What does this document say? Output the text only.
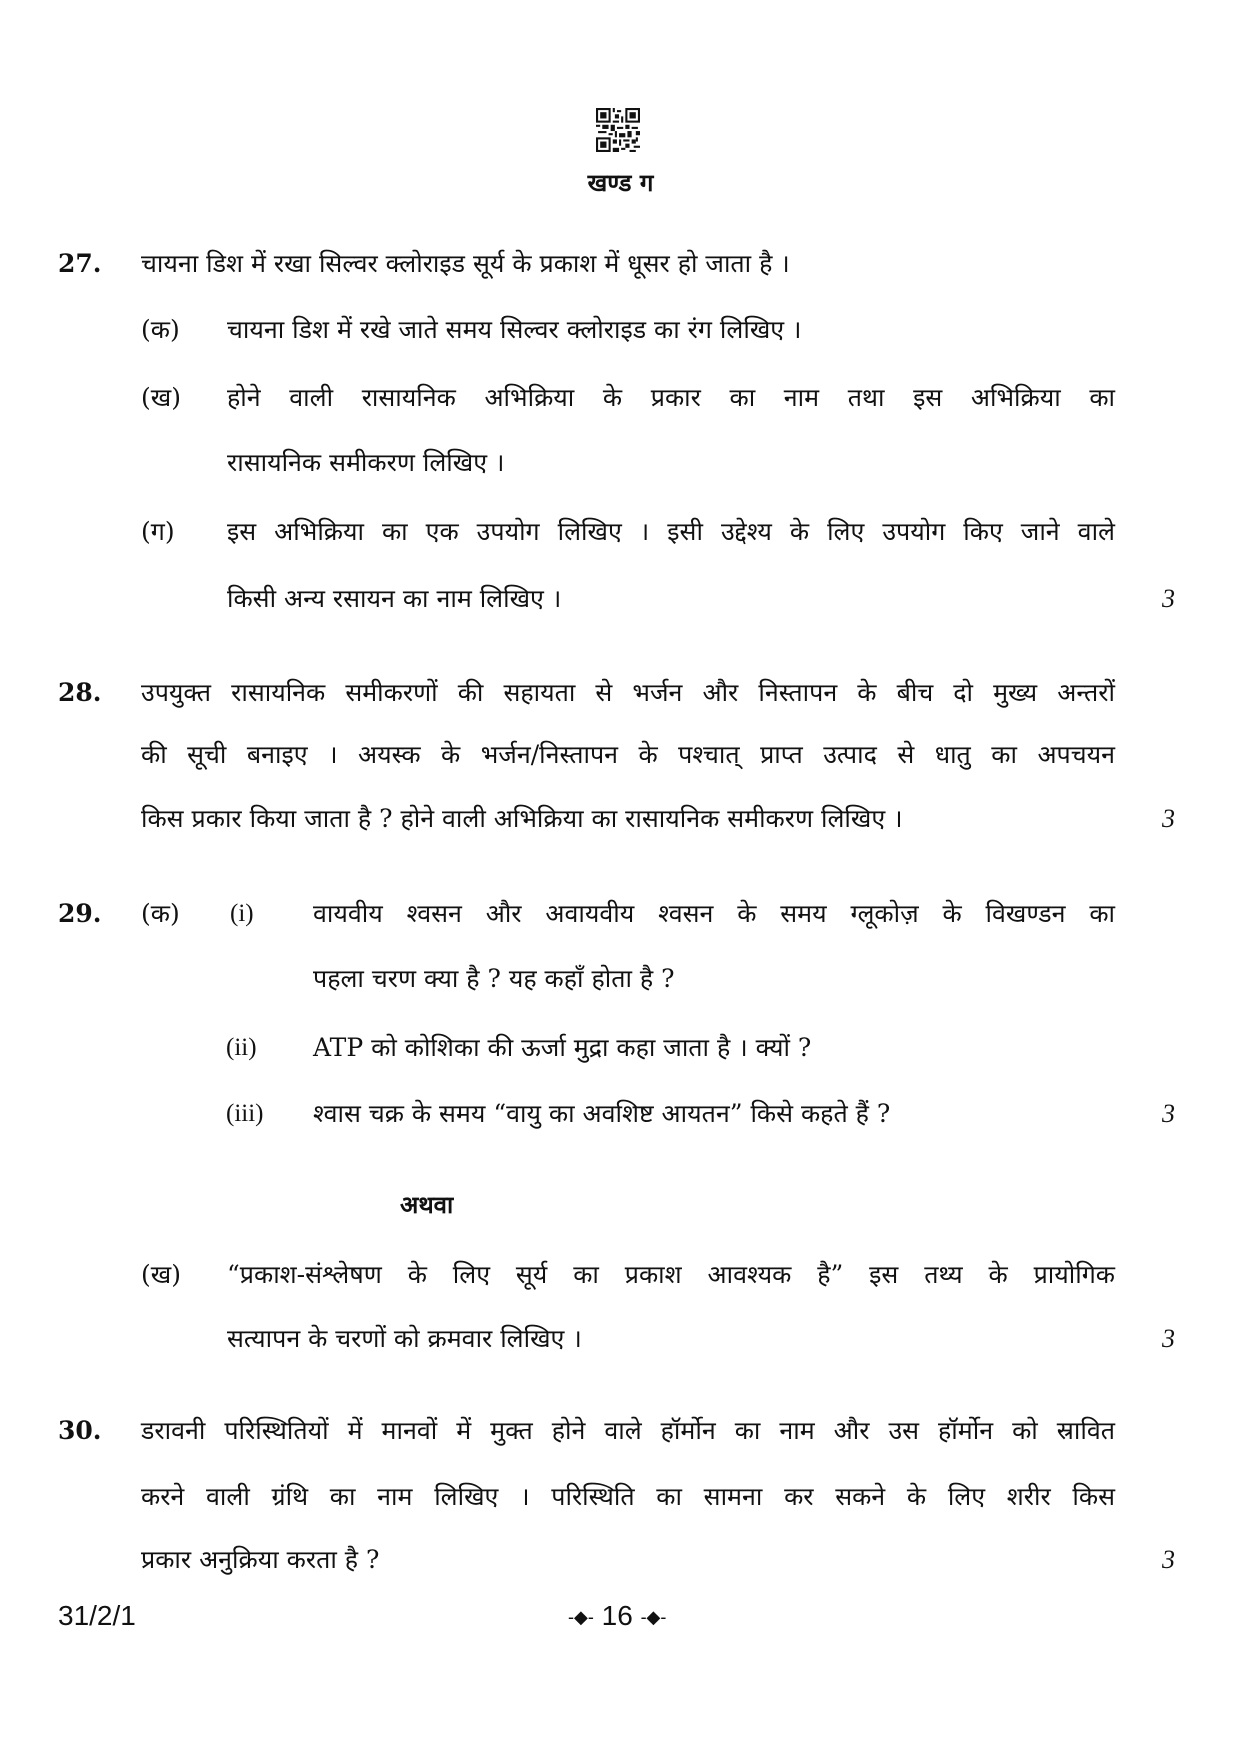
खण्ड ग
27. चायना डिश में रखा सिल्वर क्लोराइड सूर्य के प्रकाश में धूसर हो जाता है ।
(क) चायना डिश में रखे जाते समय सिल्वर क्लोराइड का रंग लिखिए ।
(ख) होने वाली रासायनिक अभिक्रिया के प्रकार का नाम तथा इस अभिक्रिया का
रासायनिक समीकरण लिखिए ।
(ग) इस अभिक्रिया का एक उपयोग लिखिए । इसी उद्देश्य के लिए उपयोग किए जाने वाले
किसी अन्य रसायन का नाम लिखिए ।	3
28. उपयुक्त रासायनिक समीकरणों की सहायता से भर्जन और निस्तापन के बीच दो मुख्य अन्तरों
की सूची बनाइए । अयस्क के भर्जन/निस्तापन के पश्चात् प्राप्त उत्पाद से धातु का अपचयन
किस प्रकार किया जाता है ? होने वाली अभिक्रिया का रासायनिक समीकरण लिखिए ।	3
29. (क) (i) वायवीय श्वसन और अवायवीय श्वसन के समय ग्लूकोज़ के विखण्डन का
पहला चरण क्या है ? यह कहाँ होता है ?
(ii) ATP को कोशिका की ऊर्जा मुद्रा कहा जाता है । क्यों ?
(iii) श्वास चक्र के समय “वायु का अवशिष्ट आयतन” किसे कहते हैं ?	3
अथवा
(ख) “प्रकाश-संश्लेषण के लिए सूर्य का प्रकाश आवश्यक है” इस तथ्य के प्रायोगिक
सत्यापन के चरणों को क्रमवार लिखिए ।	3
30. डरावनी परिस्थितियों में मानवों में मुक्त होने वाले हॉर्मोन का नाम और उस हॉर्मोन को स्रावित
करने वाली ग्रंथि का नाम लिखिए । परिस्थिति का सामना कर सकने के लिए शरीर किस
प्रकार अनुक्रिया करता है ?	3
31/2/1	-◆- 16 -◆-
